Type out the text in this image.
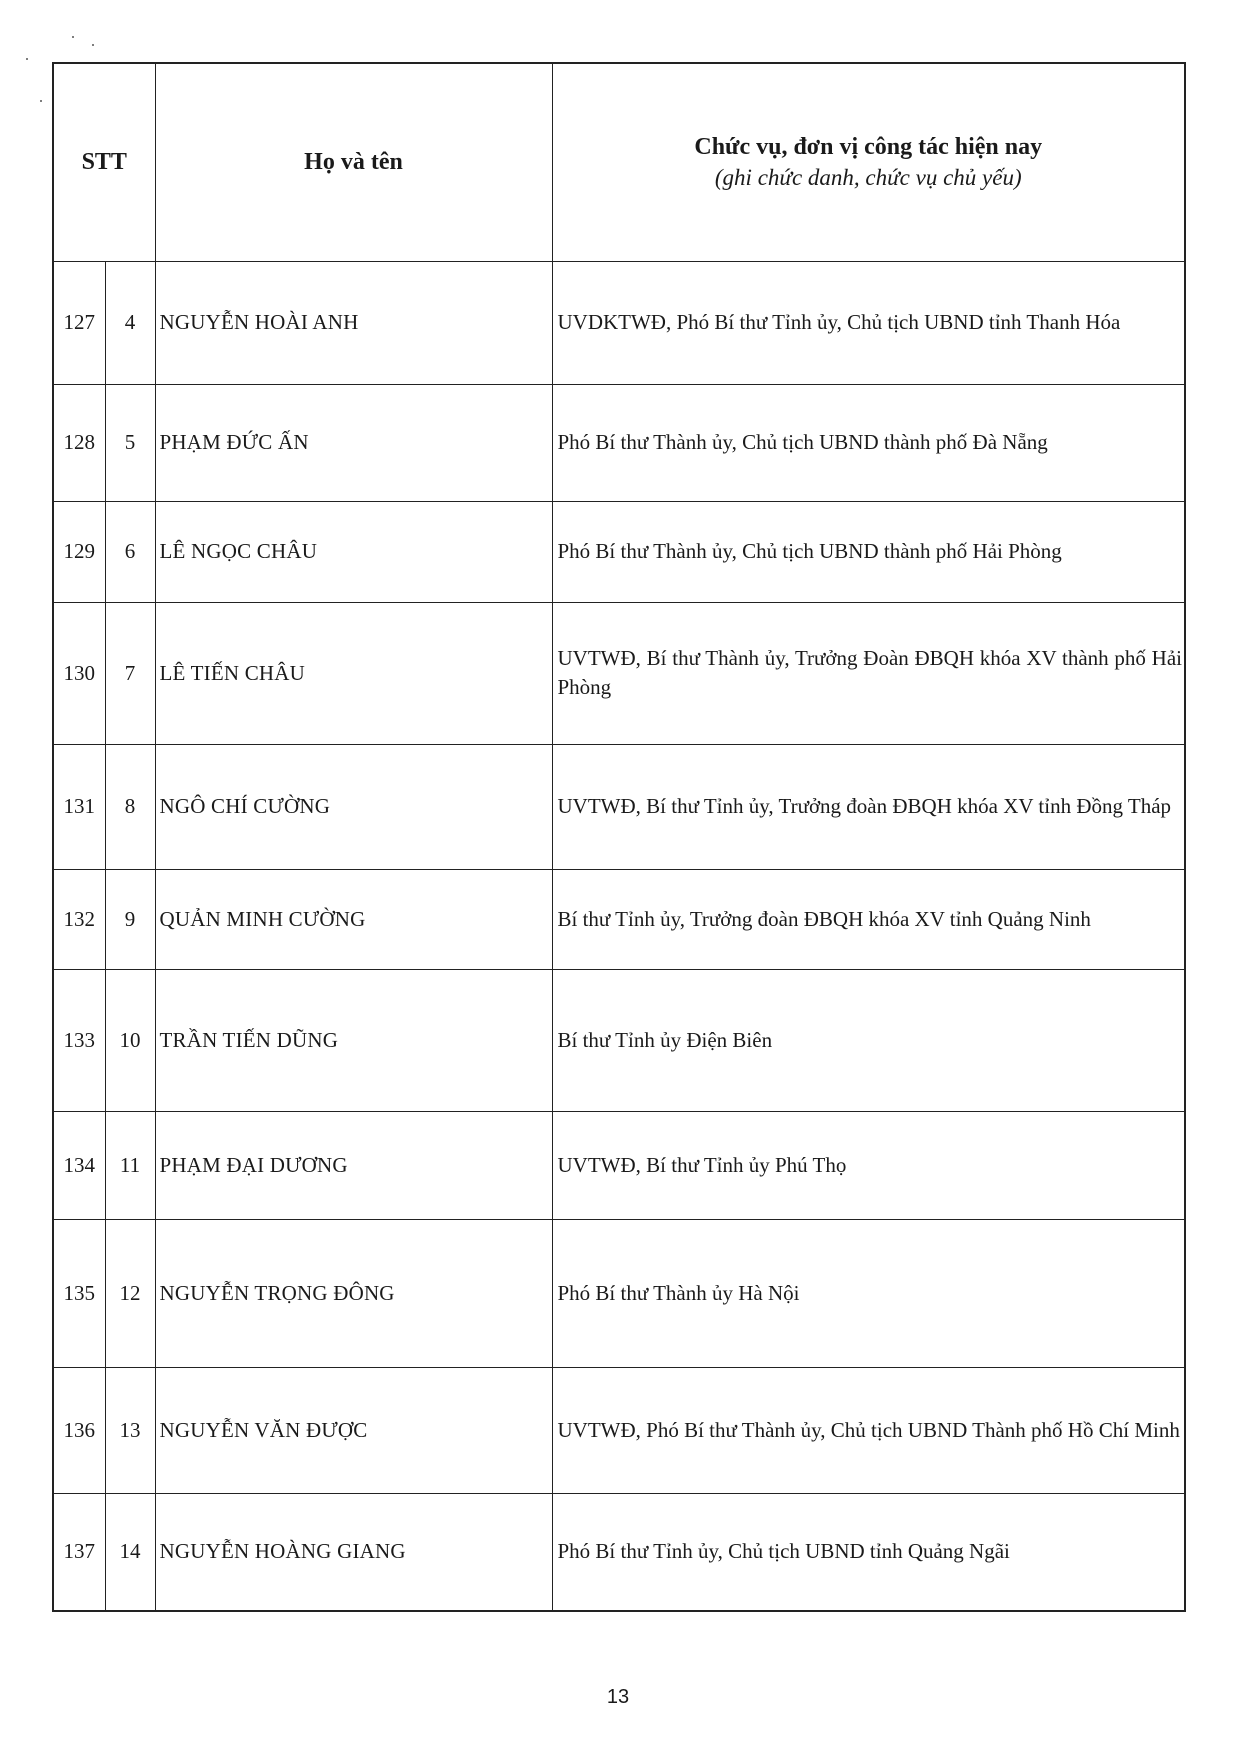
STT		Họ và tên	Chức vụ, đơn vị công tác hiện nay
(ghi chức danh, chức vụ chủ yếu)

127	4	NGUYỄN HOÀI ANH	UVDKTWĐ, Phó Bí thư Tỉnh ủy, Chủ tịch UBND tỉnh Thanh Hóa
128	5	PHẠM ĐỨC ẤN	Phó Bí thư Thành ủy, Chủ tịch UBND thành phố Đà Nẵng
129	6	LÊ NGỌC CHÂU	Phó Bí thư Thành ủy, Chủ tịch UBND thành phố Hải Phòng
130	7	LÊ TIẾN CHÂU	UVTWĐ, Bí thư Thành ủy, Trưởng Đoàn ĐBQH khóa XV thành phố Hải Phòng
131	8	NGÔ CHÍ CƯỜNG	UVTWĐ, Bí thư Tỉnh ủy, Trưởng đoàn ĐBQH khóa XV tỉnh Đồng Tháp
132	9	QUẢN MINH CƯỜNG	Bí thư Tỉnh ủy, Trưởng đoàn ĐBQH khóa XV tỉnh Quảng Ninh
133	10	TRẦN TIẾN DŨNG	Bí thư Tỉnh ủy Điện Biên
134	11	PHẠM ĐẠI DƯƠNG	UVTWĐ, Bí thư Tỉnh ủy Phú Thọ
135	12	NGUYỄN TRỌNG ĐÔNG	Phó Bí thư Thành ủy Hà Nội
136	13	NGUYỄN VĂN ĐƯỢC	UVTWĐ, Phó Bí thư Thành ủy, Chủ tịch UBND Thành phố Hồ Chí Minh
137	14	NGUYỄN HOÀNG GIANG	Phó Bí thư Tỉnh ủy, Chủ tịch UBND tỉnh Quảng Ngãi
13
